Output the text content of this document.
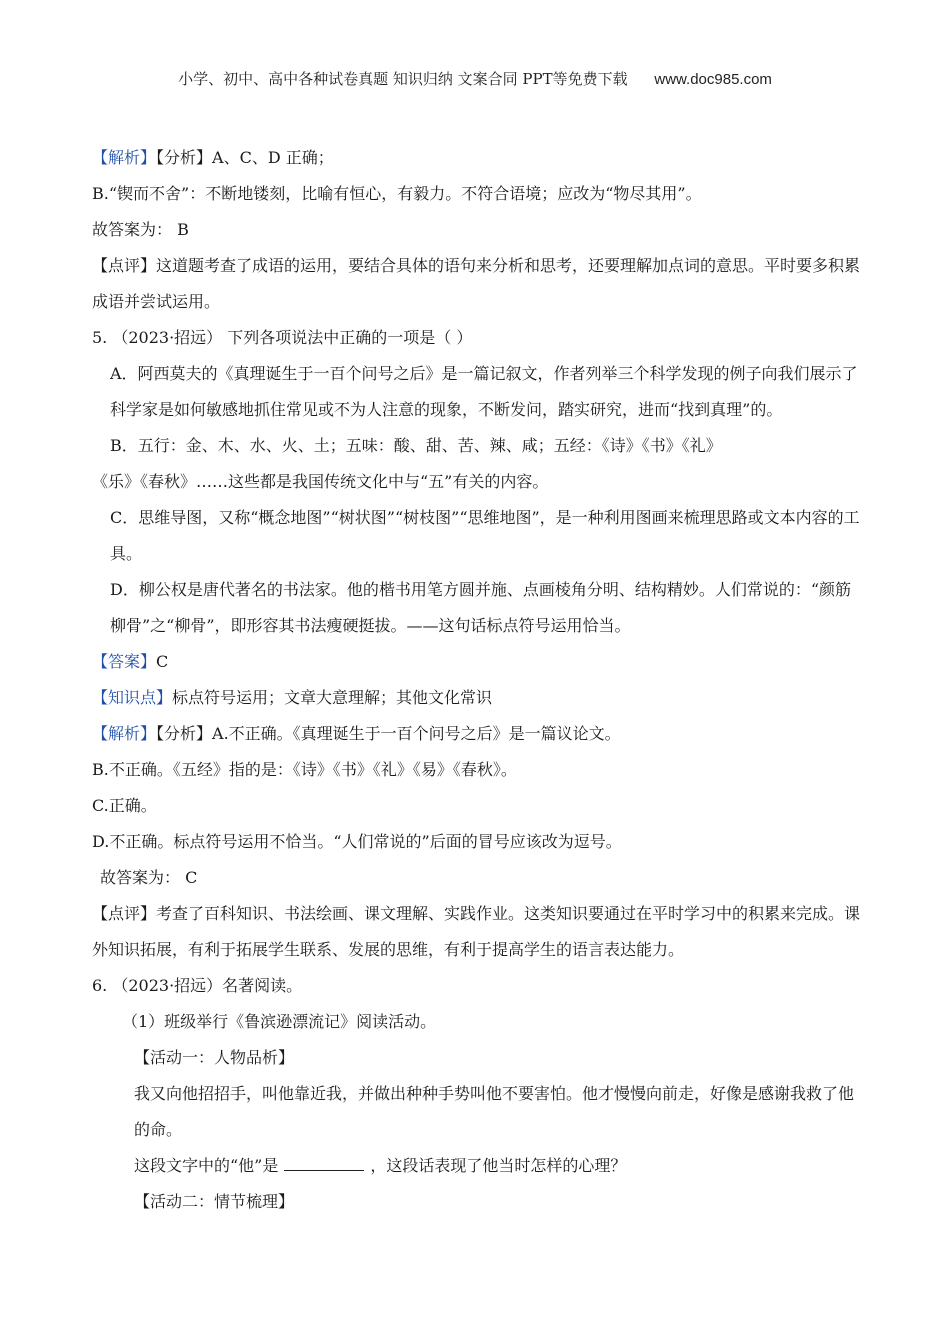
小学、初中、高中各种试卷真题 知识归纳 文案合同 PPT等免费下载 www.doc985.com
【解析】【分析】A、C、D 正确；
B.“锲而不舍”：不断地镂刻，比喻有恒心，有毅力。不符合语境；应改为“物尽其用”。
故答案为： B
【点评】这道题考查了成语的运用，要结合具体的语句来分析和思考，还要理解加点词的意思。平时要多积累成语并尝试运用。
5. （2023·招远） 下列各项说法中正确的一项是（ ）
A．阿西莫夫的《真理诞生于一百个问号之后》是一篇记叙文，作者列举三个科学发现的例子向我们展示了科学家是如何敏感地抓住常见或不为人注意的现象，不断发问，踏实研究，进而“找到真理”的。
B．五行：金、木、水、火、土；五味：酸、甜、苦、辣、咸；五经：《诗》《书》《礼》
《乐》《春秋》……这些都是我国传统文化中与“五”有关的内容。
C．思维导图，又称“概念地图”“树状图”“树枝图”“思维地图”，是一种利用图画来梳理思路或文本内容的工具。
D．柳公权是唐代著名的书法家。他的楷书用笔方圆并施、点画棱角分明、结构精妙。人们常说的：“颜筋柳骨”之“柳骨”，即形容其书法瘦硬挺拔。——这句话标点符号运用恰当。
【答案】C
【知识点】标点符号运用；文章大意理解；其他文化常识
【解析】【分析】A.不正确。《真理诞生于一百个问号之后》是一篇议论文。
B.不正确。《五经》指的是：《诗》《书》《礼》《易》《春秋》。
C.正确。
D.不正确。标点符号运用不恰当。“人们常说的”后面的冒号应该改为逗号。
故答案为： C
【点评】考查了百科知识、书法绘画、课文理解、实践作业。这类知识要通过在平时学习中的积累来完成。课外知识拓展，有利于拓展学生联系、发展的思维，有利于提高学生的语言表达能力。
6. （2023·招远）名著阅读。
（1）班级举行《鲁滨逊漂流记》阅读活动。
【活动一：人物品析】
我又向他招招手，叫他靠近我，并做出种种手势叫他不要害怕。他才慢慢向前走，好像是感谢我救了他的命。
这段文字中的“他”是	，这段话表现了他当时怎样的心理？
【活动二：情节梳理】
